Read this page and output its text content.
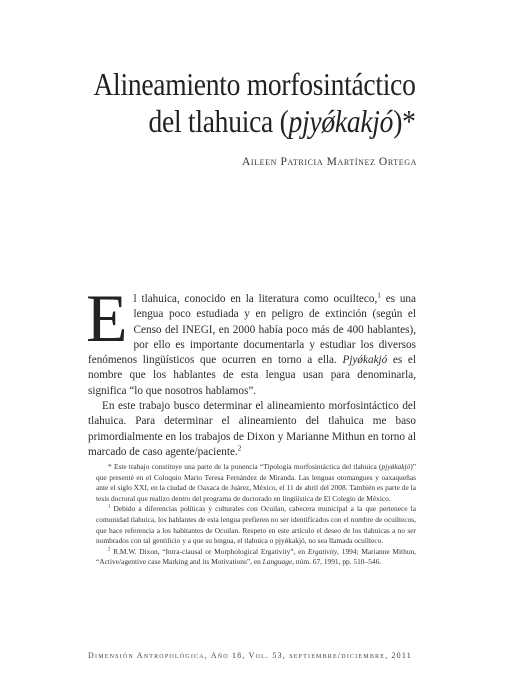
Alineamiento morfosintáctico
del tlahuica (pjyǿkakjó)*
Aileen Patricia Martínez Ortega

El tlahuica, conocido en la literatura como ocuilteco,$^1$ es una lengua poco estudiada y en peligro de extinción (según el Censo del INEGI, en 2000 había poco más de 400 hablantes), por ello es importante documentarla y estudiar los diversos fenómenos lingüísticos que ocurren en torno a ella. Pjyǿkakjó es el nombre que los hablantes de esta lengua usan para denominarla, significa “lo que nosotros hablamos”.

En este trabajo busco determinar el alineamiento morfosintáctico del tlahuica. Para determinar el alineamiento del tlahuica me baso primordialmente en los trabajos de Dixon y Marianne Mithun en torno al marcado de caso agente/paciente.$^2$

* Este trabajo constituye una parte de la ponencia “Tipología morfosintáctica del tlahuica (pjyǿkakjó)” que presenté en el Coloquio Mario Teresa Fernández de Miranda. Las lenguas otomangues y oaxaqueñas ante el siglo XXI, en la ciudad de Oaxaca de Juárez, México, el 11 de abril del 2008. También es parte de la tesis doctoral que realizo dentro del programa de doctorado en lingüística de El Colegio de México.

$^1$ Debido a diferencias políticas y culturales con Ocuilan, cabecera municipal a la que pertenece la comunidad tlahuica, los hablantes de esta lengua prefieren no ser identificados con el nombre de ocuiltecos, que hace referencia a los habitantes de Ocuilan. Respeto en este artículo el deseo de los tlahuicas a no ser nombrados con tal gentilicio y a que su lengua, el tlahuica o pjyǿkakjó, no sea llamada ocuilteco.

$^2$ R.M.W. Dixon, “Intra-clausal or Morphological Ergativity”, en Ergativity, 1994; Marianne Mithun, “Active/agentive case Marking and its Motivations”, en Language, núm. 67, 1991, pp. 510–546.

Dimensión Antropológica, Año 18, Vol. 53, septiembre/diciembre, 2011
